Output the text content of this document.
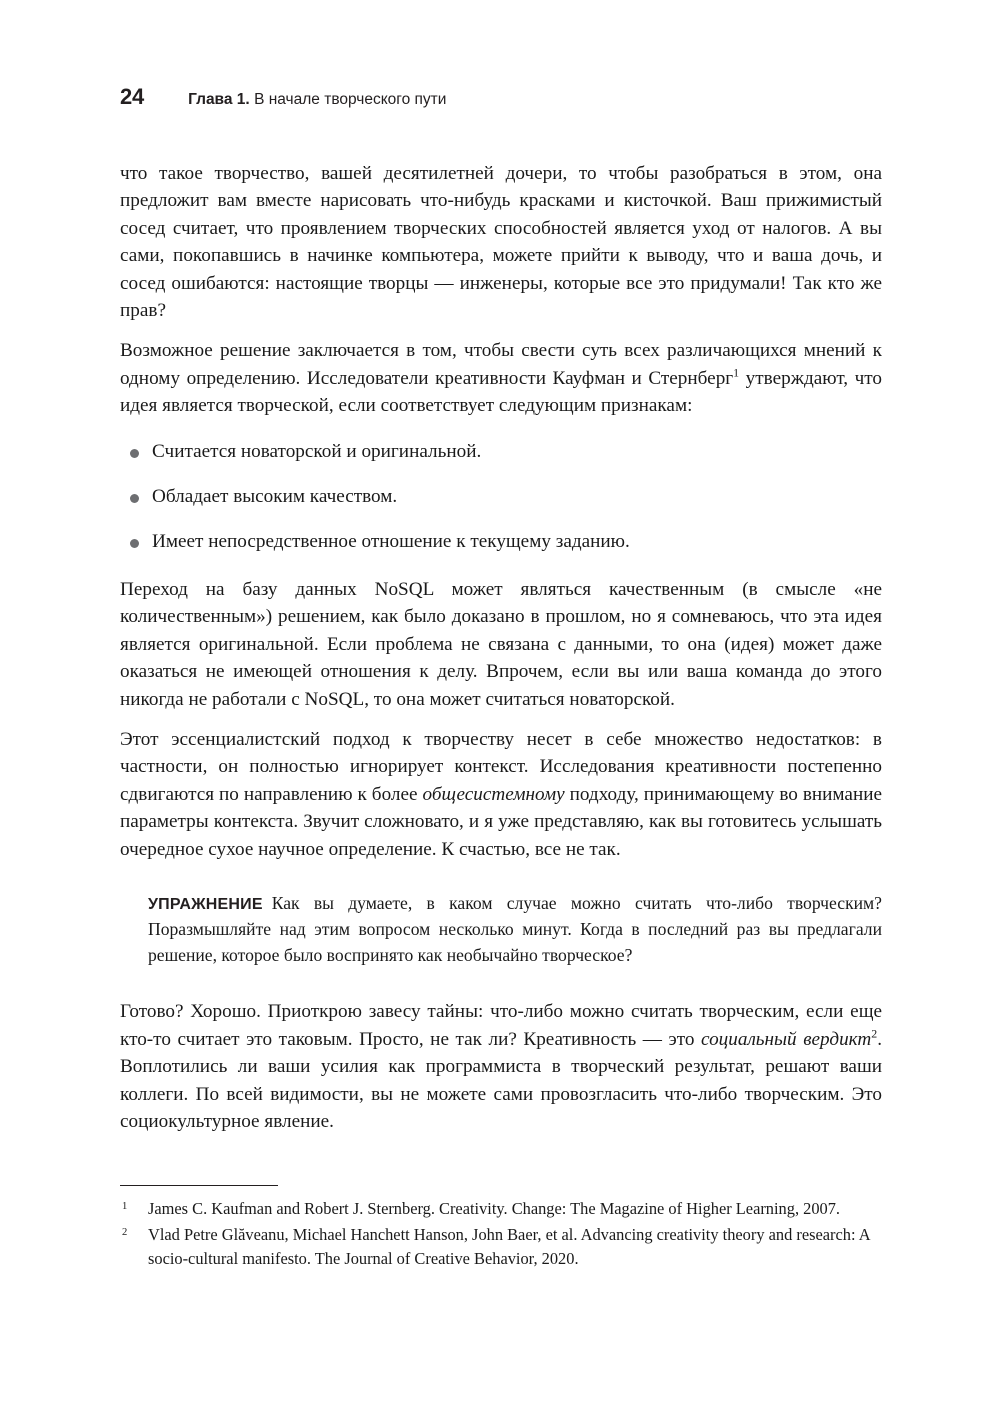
24	Глава 1. В начале творческого пути

что такое творчество, вашей десятилетней дочери, то чтобы разобраться в этом, она предложит вам вместе нарисовать что-нибудь красками и кисточкой. Ваш прижимистый сосед считает, что проявлением творческих способностей является уход от налогов. А вы сами, покопавшись в начинке компьютера, можете прийти к выводу, что и ваша дочь, и сосед ошибаются: настоящие творцы — инженеры, которые все это придумали! Так кто же прав?

Возможное решение заключается в том, чтобы свести суть всех различающихся мнений к одному определению. Исследователи креативности Кауфман и Стернберг$^1$ утверждают, что идея является творческой, если соответствует следующим признакам:

Считается новаторской и оригинальной.
Обладает высоким качеством.
Имеет непосредственное отношение к текущему заданию.

Переход на базу данных NoSQL может являться качественным (в смысле «не количественным») решением, как было доказано в прошлом, но я сомневаюсь, что эта идея является оригинальной. Если проблема не связана с данными, то она (идея) может даже оказаться не имеющей отношения к делу. Впрочем, если вы или ваша команда до этого никогда не работали с NoSQL, то она может считаться новаторской.

Этот эссенциалистский подход к творчеству несет в себе множество недостатков: в частности, он полностью игнорирует контекст. Исследования креативности постепенно сдвигаются по направлению к более общесистемному подходу, принимающему во внимание параметры контекста. Звучит сложновато, и я уже представляю, как вы готовитесь услышать очередное сухое научное определение. К счастью, все не так.

УПРАЖНЕНИЕ Как вы думаете, в каком случае можно считать что-либо творческим? Поразмышляйте над этим вопросом несколько минут. Когда в последний раз вы предлагали решение, которое было воспринято как необычайно творческое?

Готово? Хорошо. Приоткрою завесу тайны: что-либо можно считать творческим, если еще кто-то считает это таковым. Просто, не так ли? Креативность — это социальный вердикт$^2$. Воплотились ли ваши усилия как программиста в творческий результат, решают ваши коллеги. По всей видимости, вы не можете сами провозгласить что-либо творческим. Это социокультурное явление.

1 James C. Kaufman and Robert J. Sternberg. Creativity. Change: The Magazine of Higher Learning, 2007.
2 Vlad Petre Glăveanu, Michael Hanchett Hanson, John Baer, et al. Advancing creativity theory and research: A socio-cultural manifesto. The Journal of Creative Behavior, 2020.
